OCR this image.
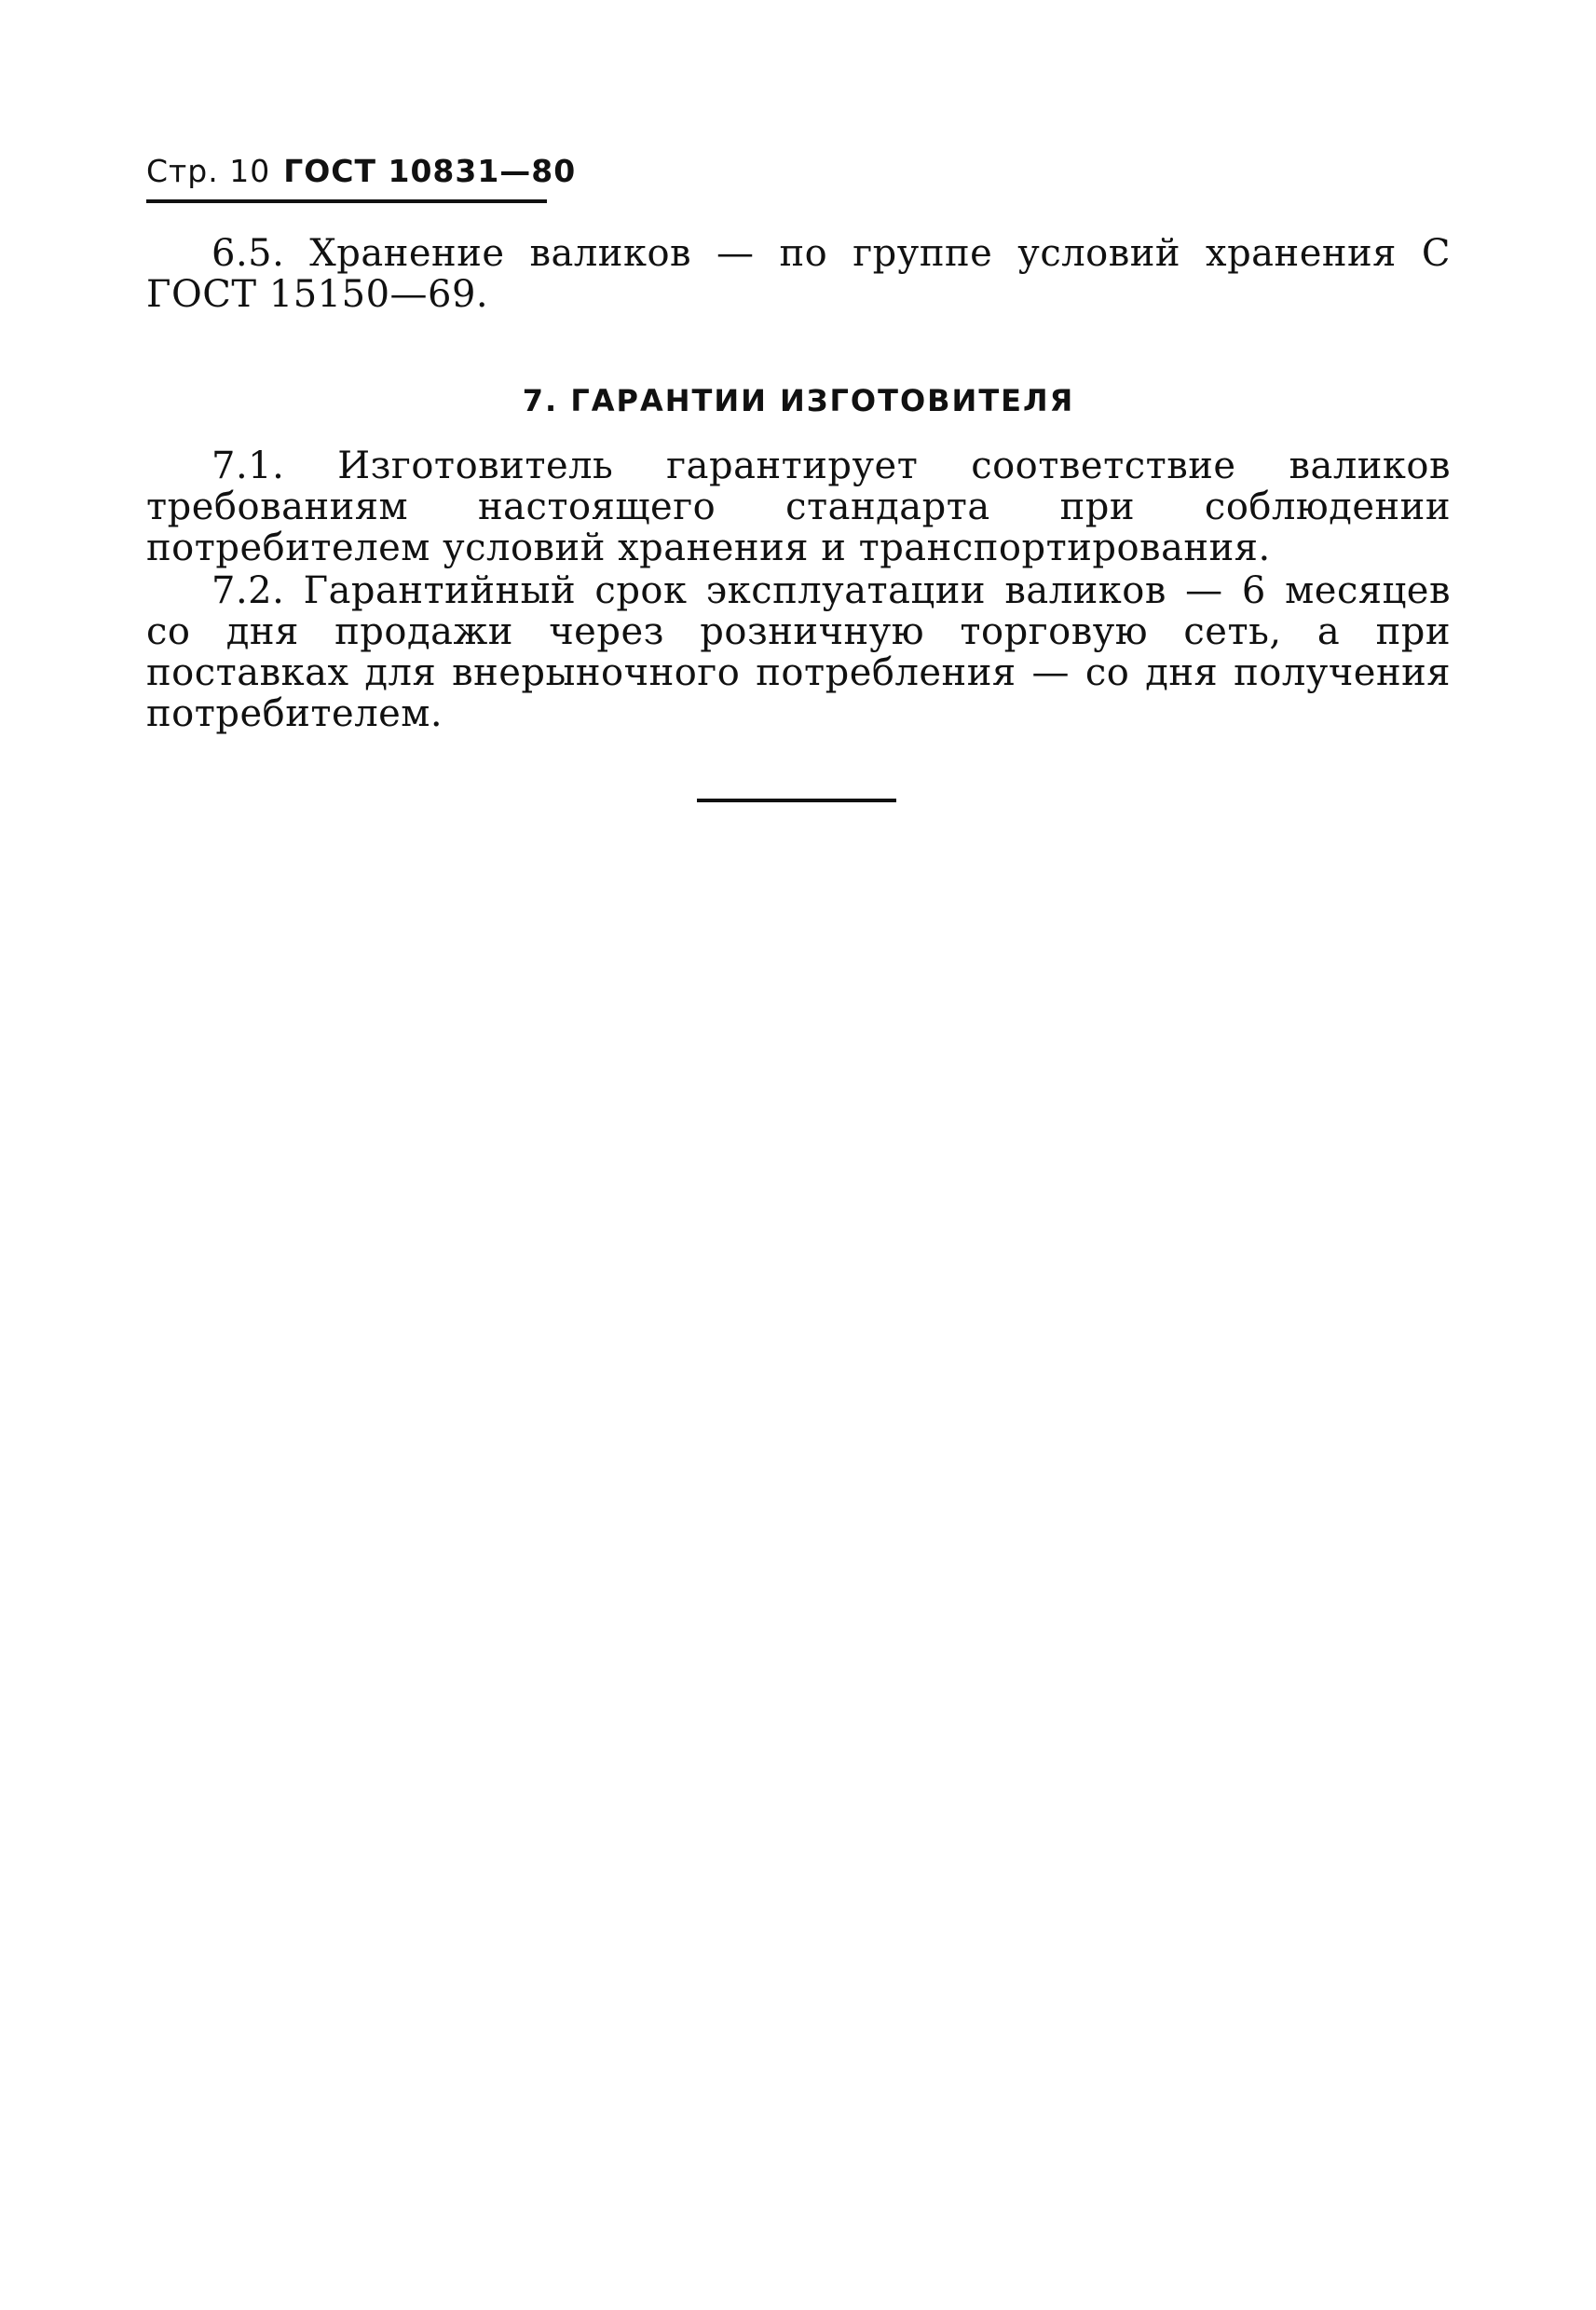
Стр. 10 ГОСТ 10831—80

6.5. Хранение валиков — по группе условий хранения С ГОСТ 15150—69.

7. ГАРАНТИИ ИЗГОТОВИТЕЛЯ

7.1. Изготовитель гарантирует соответствие валиков требованиям настоящего стандарта при соблюдении потребителем условий хранения и транспортирования.

7.2. Гарантийный срок эксплуатации валиков — 6 месяцев со дня продажи через розничную торговую сеть, а при поставках для внерыночного потребления — со дня получения потребителем.
